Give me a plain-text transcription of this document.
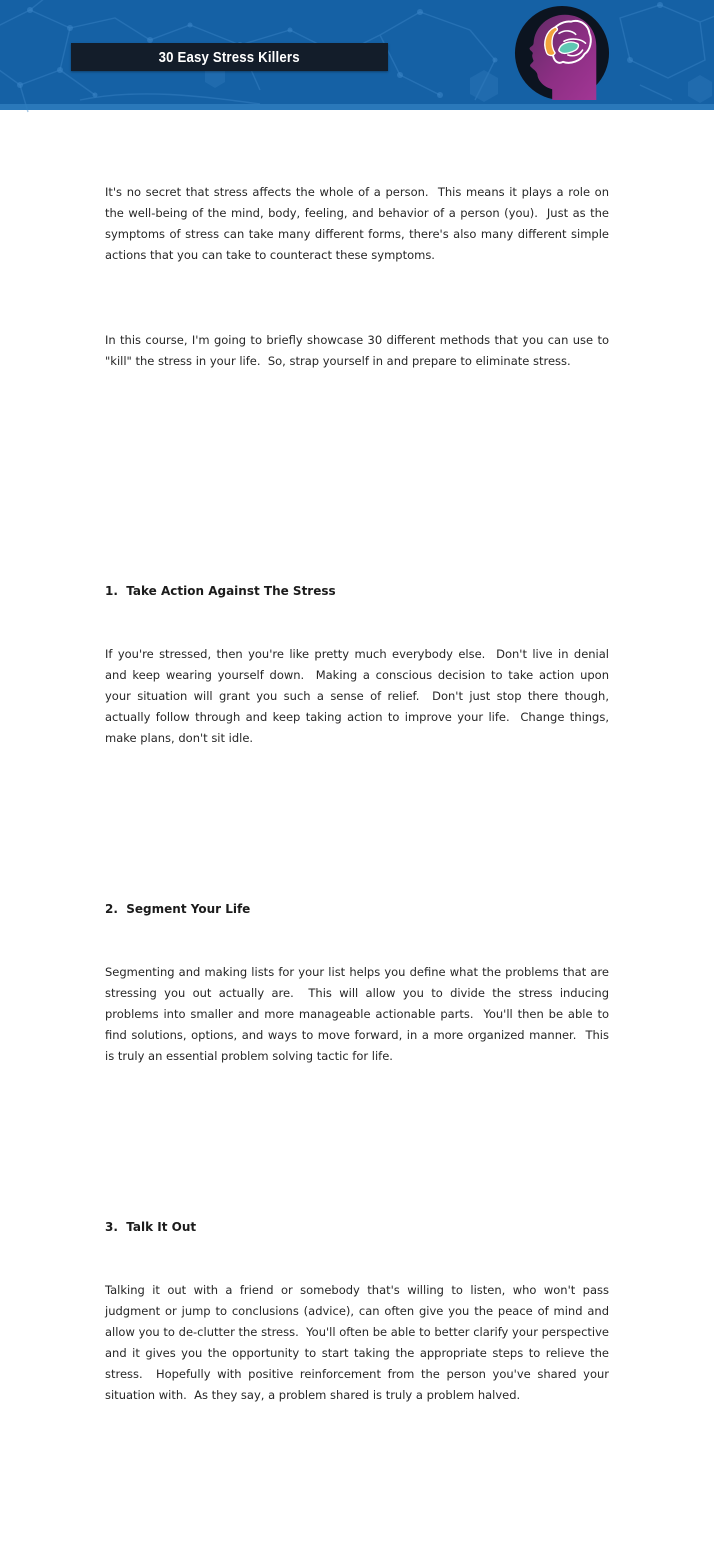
30 Easy Stress Killers

It's no secret that stress affects the whole of a person.  This means it plays a role on the well-being of the mind, body, feeling, and behavior of a person (you).  Just as the symptoms of stress can take many different forms, there's also many different simple actions that you can take to counteract these symptoms.

In this course, I'm going to briefly showcase 30 different methods that you can use to "kill" the stress in your life.  So, strap yourself in and prepare to eliminate stress.

1.  Take Action Against The Stress

If you're stressed, then you're like pretty much everybody else.  Don't live in denial and keep wearing yourself down.  Making a conscious decision to take action upon your situation will grant you such a sense of relief.  Don't just stop there though, actually follow through and keep taking action to improve your life.  Change things, make plans, don't sit idle.

2.  Segment Your Life

Segmenting and making lists for your list helps you define what the problems that are stressing you out actually are.  This will allow you to divide the stress inducing problems into smaller and more manageable actionable parts.  You'll then be able to find solutions, options, and ways to move forward, in a more organized manner.  This is truly an essential problem solving tactic for life.

3.  Talk It Out

Talking it out with a friend or somebody that's willing to listen, who won't pass judgment or jump to conclusions (advice), can often give you the peace of mind and allow you to de-clutter the stress.  You'll often be able to better clarify your perspective and it gives you the opportunity to start taking the appropriate steps to relieve the stress.  Hopefully with positive reinforcement from the person you've shared your situation with.  As they say, a problem shared is truly a problem halved.
